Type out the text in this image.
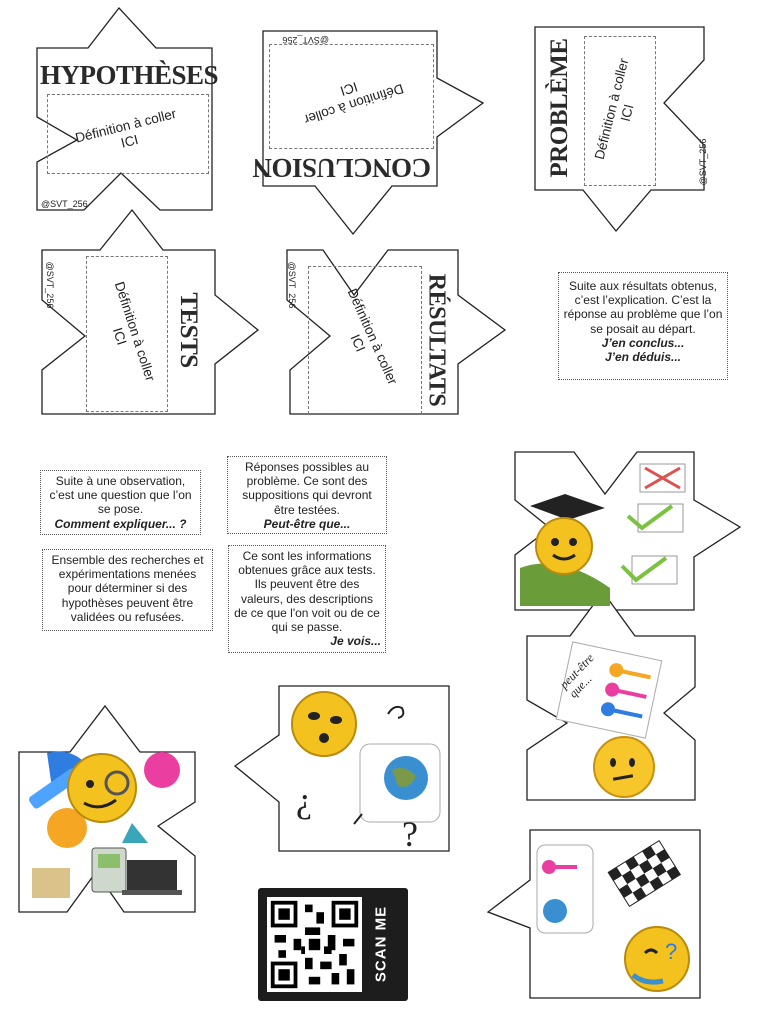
HYPOTHÈSES
Définition à coller
ICI
@SVT_256
CONCLUSION
Définition à coller
ICI
@SVT_256	PROBLÈME Définition à coller
ICI
@SVT_256
TESTS
Définition à coller
ICI
@SVT_256	RÉSULTATS
Définition à coller
ICI
@SVT_256	Suite aux résultats obtenus, c’est l’explication. C’est la réponse au problème que l’on se posait au départ.
J’en conclus...
J’en déduis...
Suite à une observation, c’est une question que l’on se pose.
Comment expliquer... ?
Réponses possibles au problème. Ce sont des suppositions qui devront être testées.
Peut-être que...
Ensemble des recherches et expérimentations menées pour déterminer si des hypothèses peuvent être validées ou refusées.
Ce sont les informations obtenues grâce aux tests. Ils peuvent être des valeurs, des descriptions de ce que l'on voit ou de ce qui se passe.
Je vois...
peut-être
que...
¿
?
?
SCAN ME
